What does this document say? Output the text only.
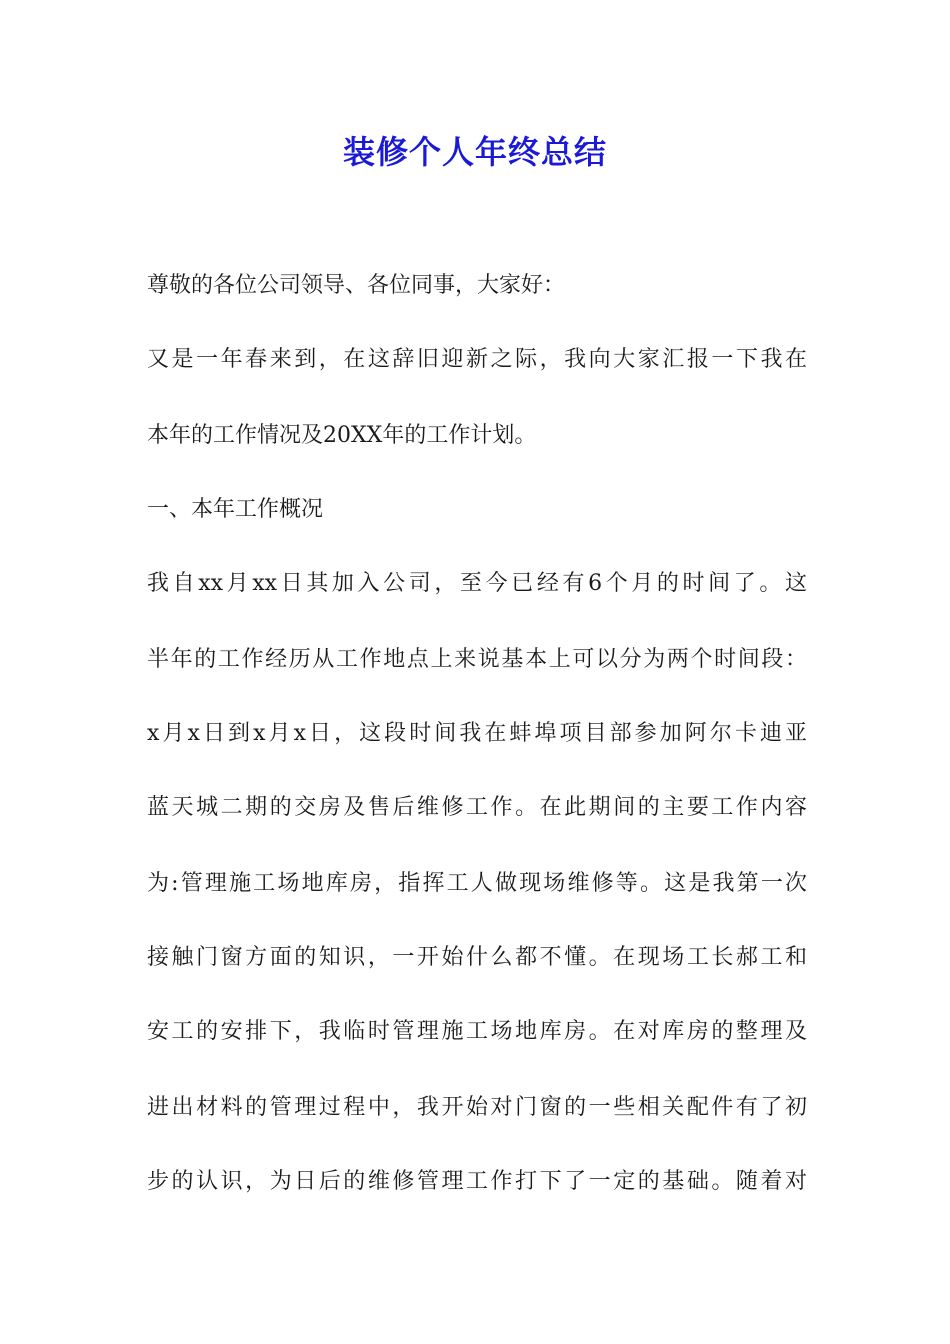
装修个人年终总结

尊敬的各位公司领导、各位同事，大家好：

又是一年春来到，在这辞旧迎新之际，我向大家汇报一下我在

本年的工作情况及20XX年的工作计划。

一、本年工作概况

我自xx月xx日其加入公司，至今已经有6个月的时间了。这

半年的工作经历从工作地点上来说基本上可以分为两个时间段：

x月x日到x月x日，这段时间我在蚌埠项目部参加阿尔卡迪亚

蓝天城二期的交房及售后维修工作。在此期间的主要工作内容

为:管理施工场地库房，指挥工人做现场维修等。这是我第一次

接触门窗方面的知识，一开始什么都不懂。在现场工长郝工和

安工的安排下，我临时管理施工场地库房。在对库房的整理及

进出材料的管理过程中，我开始对门窗的一些相关配件有了初

步的认识，为日后的维修管理工作打下了一定的基础。随着对
